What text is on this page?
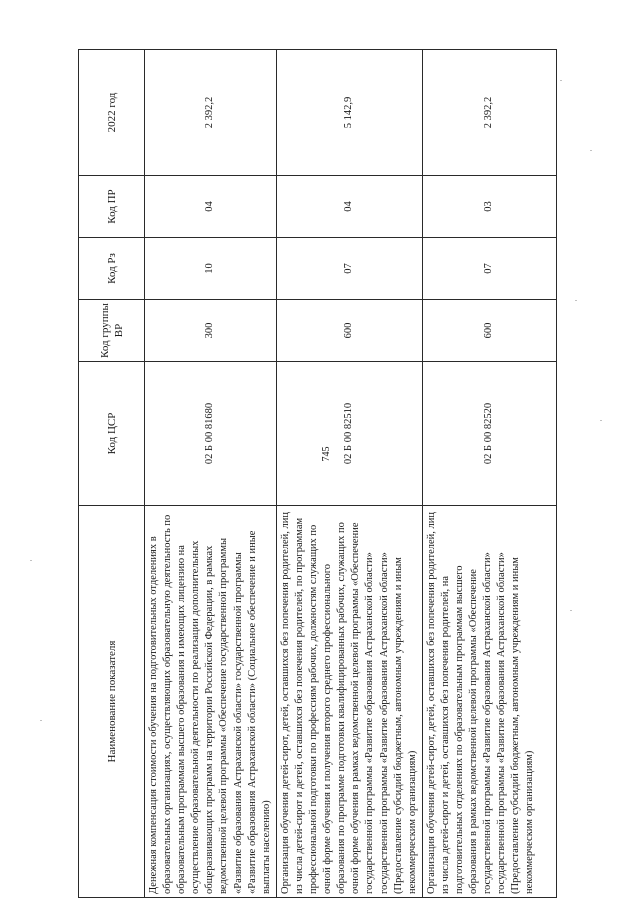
745
Наименование показателя	Код ЦСР	Код группы ВР	Код Рз	Код ПР	2022 год
Денежная компенсация стоимости обучения на подготовительных отделениях в образовательных организациях, осуществляющих образовательную деятельность по образовательным программам высшего образования и имеющих лицензию на осуществление образовательной деятельности по реализации дополнительных общеразвивающих программ на территории Российской Федерации, в рамках ведомственной целевой программы «Обеспечение государственной программы «Развитие образования Астраханской области» государственной программы «Развитие образования Астраханской области» (Социальное обеспечение и иные выплаты населению)	02 Б 00 81680	300	10	04	2 392,2
Организация обучения детей-сирот, детей, оставшихся без попечения родителей, лиц из числа детей-сирот и детей, оставшихся без попечения родителей, по программам профессиональной подготовки по профессиям рабочих, должностям служащих по очной форме обучения и получения второго среднего профессионального образования по программе подготовки квалифицированных рабочих, служащих по очной форме обучения в рамках ведомственной целевой программы «Обеспечение государственной программы «Развитие образования Астраханской области» государственной программы «Развитие образования Астраханской области» (Предоставление субсидий бюджетным, автономным учреждениям и иным некоммерческим организациям)	02 Б 00 82510	600	07	04	5 142,9
Организация обучения детей-сирот, детей, оставшихся без попечения родителей, лиц из числа детей-сирот и детей, оставшихся без попечения родителей, на подготовительных отделениях по образовательным программам высшего образования в рамках ведомственной целевой программы «Обеспечение государственной программы «Развитие образования Астраханской области» государственной программы «Развитие образования Астраханской области» (Предоставление субсидий бюджетным, автономным учреждениям и иным некоммерческим организациям)	02 Б 00 82520	600	07	03	2 392,2
